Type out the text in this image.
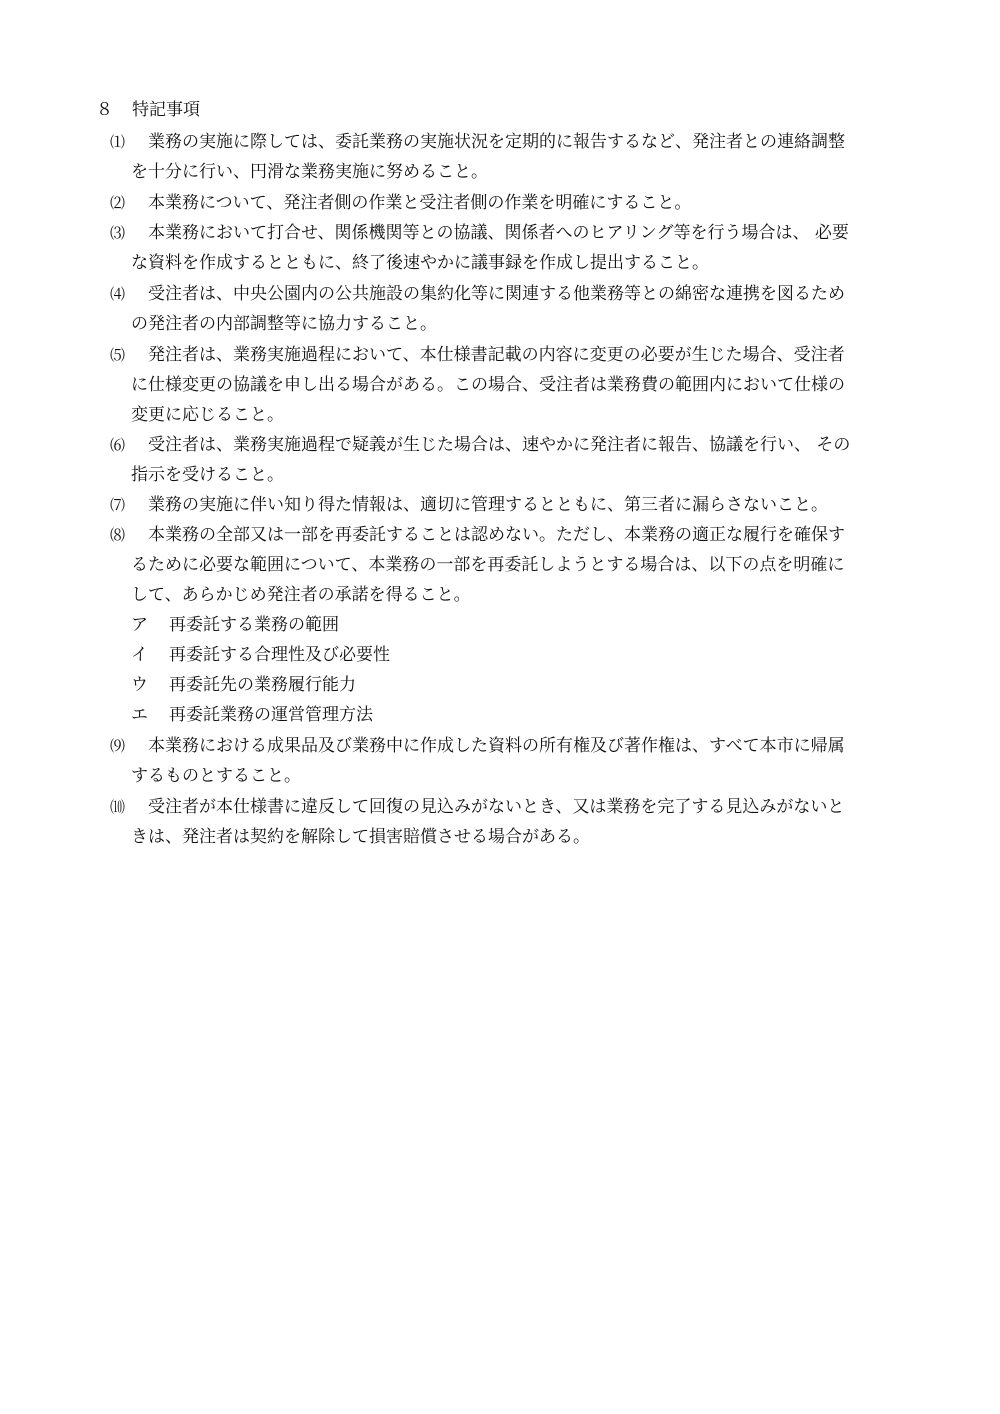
８ 特記事項
⑴ 業務の実施に際しては、委託業務の実施状況を定期的に報告するなど、発注者との連絡調整
を十分に行い、円滑な業務実施に努めること。
⑵ 本業務について、発注者側の作業と受注者側の作業を明確にすること。
⑶ 本業務において打合せ、関係機関等との協議、関係者へのヒアリング等を行う場合は、 必要
な資料を作成するとともに、終了後速やかに議事録を作成し提出すること。
⑷ 受注者は、中央公園内の公共施設の集約化等に関連する他業務等との綿密な連携を図るため
の発注者の内部調整等に協力すること。
⑸ 発注者は、業務実施過程において、本仕様書記載の内容に変更の必要が生じた場合、受注者
に仕様変更の協議を申し出る場合がある。この場合、受注者は業務費の範囲内において仕様の
変更に応じること。
⑹ 受注者は、業務実施過程で疑義が生じた場合は、速やかに発注者に報告、協議を行い、 その
指示を受けること。
⑺ 業務の実施に伴い知り得た情報は、適切に管理するとともに、第三者に漏らさないこと。
⑻ 本業務の全部又は一部を再委託することは認めない。ただし、本業務の適正な履行を確保す
るために必要な範囲について、本業務の一部を再委託しようとする場合は、以下の点を明確に
して、あらかじめ発注者の承諾を得ること。
ア 再委託する業務の範囲
イ 再委託する合理性及び必要性
ウ 再委託先の業務履行能力
エ 再委託業務の運営管理方法
⑼ 本業務における成果品及び業務中に作成した資料の所有権及び著作権は、すべて本市に帰属
するものとすること。
⑽ 受注者が本仕様書に違反して回復の見込みがないとき、又は業務を完了する見込みがないと
きは、発注者は契約を解除して損害賠償させる場合がある。
